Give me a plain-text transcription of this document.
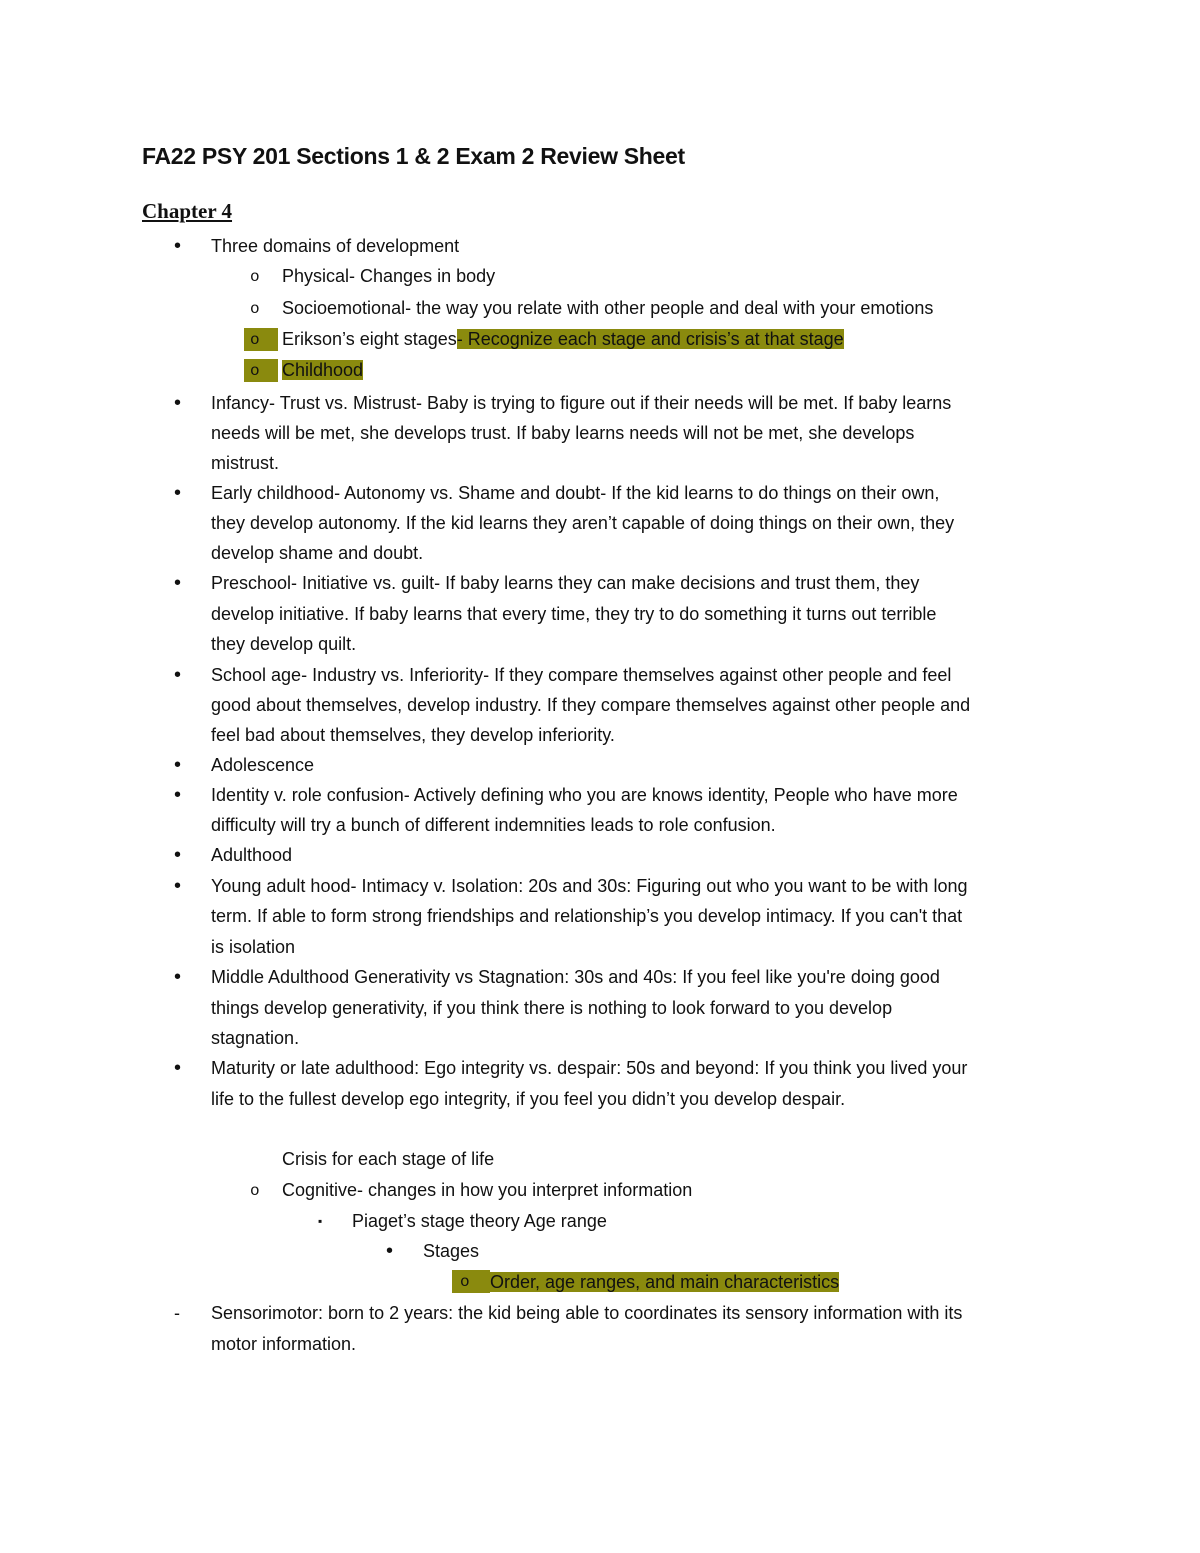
FA22 PSY 201 Sections 1 & 2 Exam 2 Review Sheet
Chapter 4
• Three domains of development
o Physical- Changes in body
o Socioemotional- the way you relate with other people and deal with your emotions
o Erikson’s eight stages- Recognize each stage and crisis’s at that stage
o Childhood
• Infancy- Trust vs. Mistrust- Baby is trying to figure out if their needs will be met. If baby learns
needs will be met, she develops trust. If baby learns needs will not be met, she develops
mistrust.
• Early childhood- Autonomy vs. Shame and doubt- If the kid learns to do things on their own,
they develop autonomy. If the kid learns they aren’t capable of doing things on their own, they
develop shame and doubt.
• Preschool- Initiative vs. guilt- If baby learns they can make decisions and trust them, they
develop initiative. If baby learns that every time, they try to do something it turns out terrible
they develop quilt.
• School age- Industry vs. Inferiority- If they compare themselves against other people and feel
good about themselves, develop industry. If they compare themselves against other people and
feel bad about themselves, they develop inferiority.
• Adolescence
• Identity v. role confusion- Actively defining who you are knows identity, People who have more
difficulty will try a bunch of different indemnities leads to role confusion.
• Adulthood
• Young adult hood- Intimacy v. Isolation: 20s and 30s: Figuring out who you want to be with long
term. If able to form strong friendships and relationship’s you develop intimacy. If you can't that
is isolation
• Middle Adulthood Generativity vs Stagnation: 30s and 40s: If you feel like you're doing good
things develop generativity, if you think there is nothing to look forward to you develop
stagnation.
• Maturity or late adulthood: Ego integrity vs. despair: 50s and beyond: If you think you lived your
life to the fullest develop ego integrity, if you feel you didn’t you develop despair.
Crisis for each stage of life
o Cognitive- changes in how you interpret information
▪ Piaget’s stage theory Age range
• Stages
o Order, age ranges, and main characteristics
- Sensorimotor: born to 2 years: the kid being able to coordinates its sensory information with its
motor information.
